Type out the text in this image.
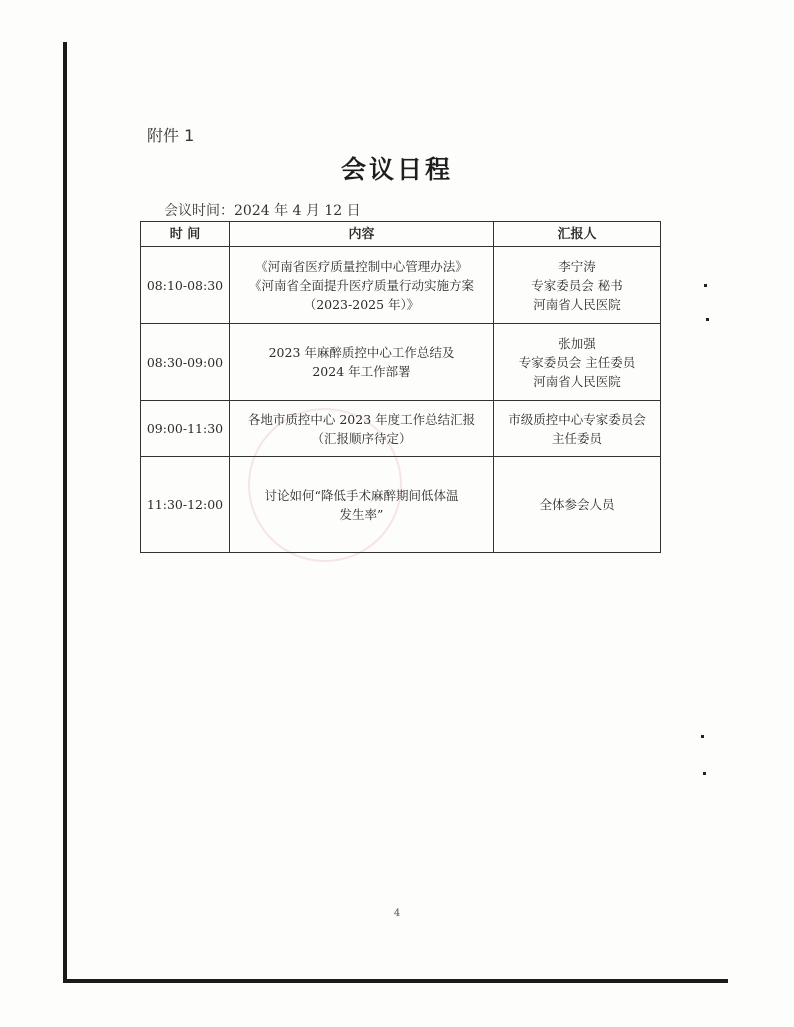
附件 1
会议日程
会议时间：2024 年 4 月 12 日
时 间	内容	汇报人
08:10-08:30	《河南省医疗质量控制中心管理办法》
《河南省全面提升医疗质量行动实施方案
（2023-2025 年）》	李宁涛
专家委员会 秘书
河南省人民医院

08:30-09:00	2023 年麻醉质控中心工作总结及
2024 年工作部署	张加强
专家委员会 主任委员
河南省人民医院

09:00-11:30	各地市质控中心 2023 年度工作总结汇报
（汇报顺序待定）	市级质控中心专家委员会
主任委员

11:30-12:00	讨论如何“降低手术麻醉期间低体温
发生率”	全体参会人员
4
